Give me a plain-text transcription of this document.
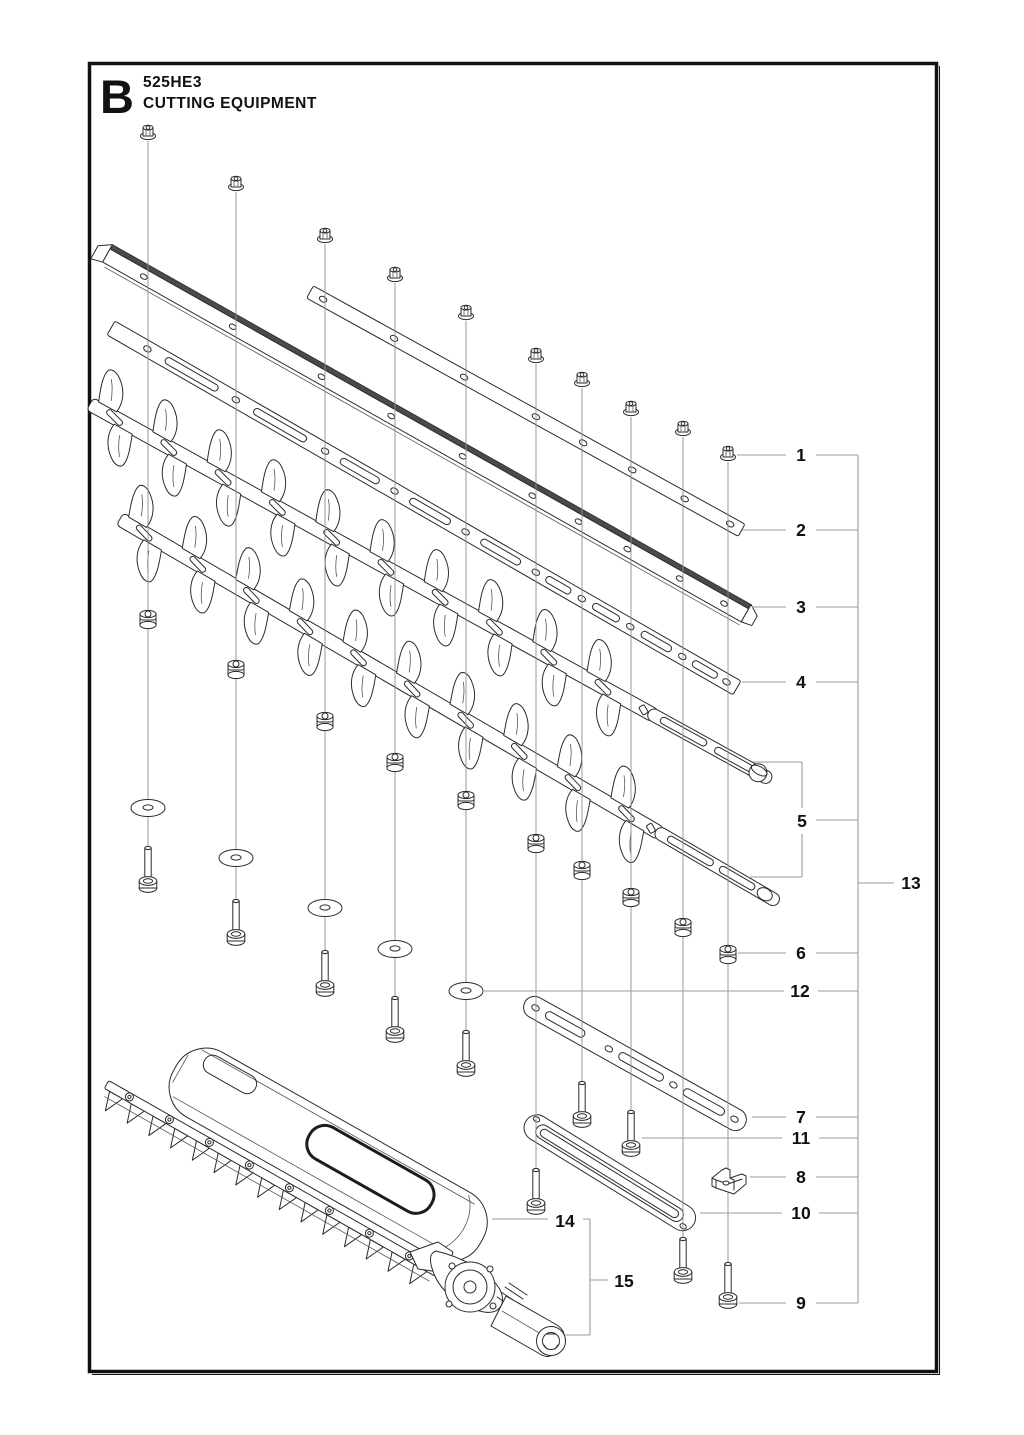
B 525HE3
CUTTING EQUIPMENT
1
2
3
4
5
6
7
8
9
10
11
12
13
14
15
